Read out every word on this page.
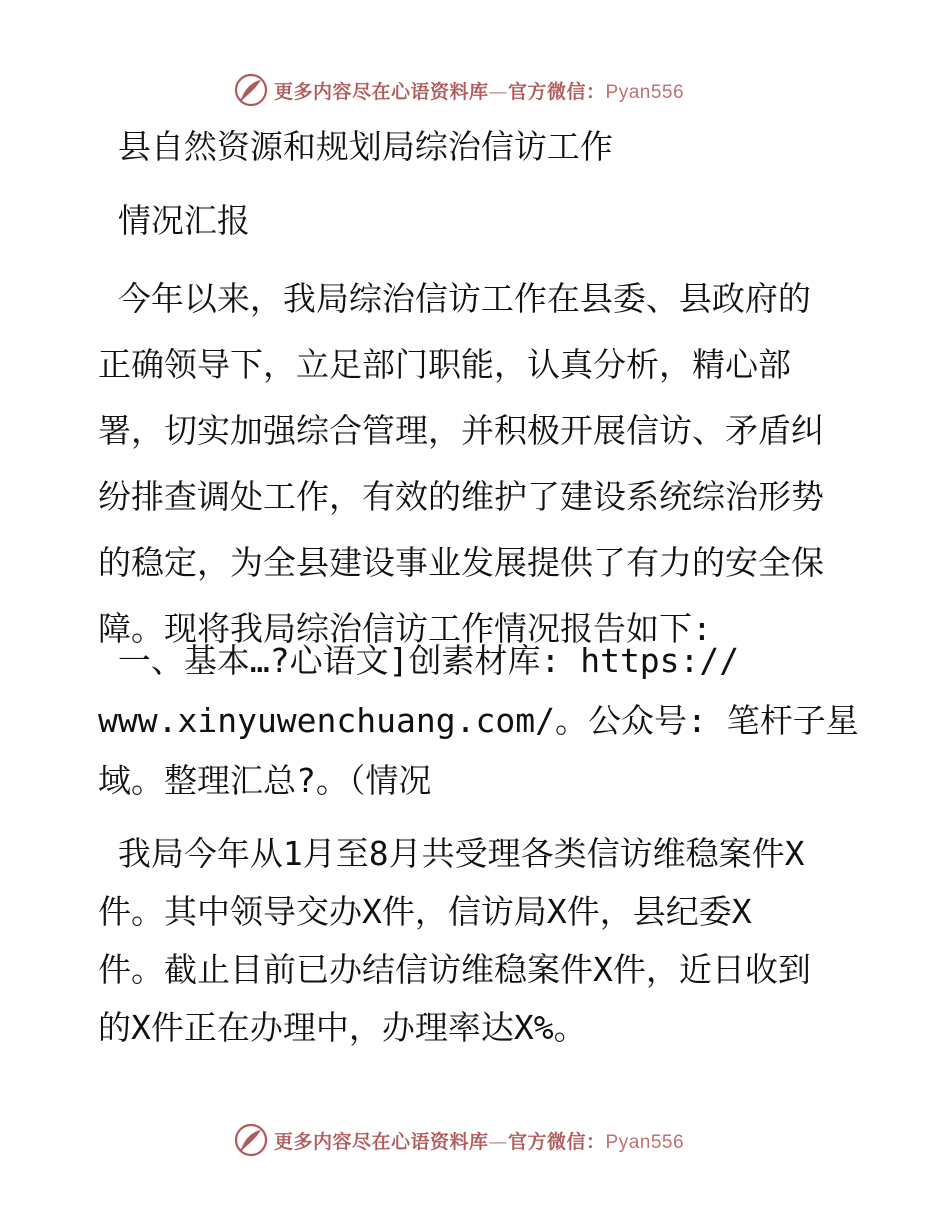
更多内容尽在心语资料库—官方微信：Pyan556

县自然资源和规划局综治信访工作

情况汇报

今年以来，我局综治信访工作在县委、县政府的

正确领导下，立足部门职能，认真分析，精心部

署，切实加强综合管理，并积极开展信访、矛盾纠

纷排查调处工作，有效的维护了建设系统综治形势

的稳定，为全县建设事业发展提供了有力的安全保

障。现将我局综治信访工作情况报告如下:

一、基本…?心语文]创素材库: https://

www.xinyuwenchuang.com/。公众号: 笔杆子星

域。整理汇总?。（情况

我局今年从1月至8月共受理各类信访维稳案件X

件。其中领导交办X件，信访局X件，县纪委X

件。截止目前已办结信访维稳案件X件，近日收到

的X件正在办理中，办理率达X%。

更多内容尽在心语资料库—官方微信：Pyan556
